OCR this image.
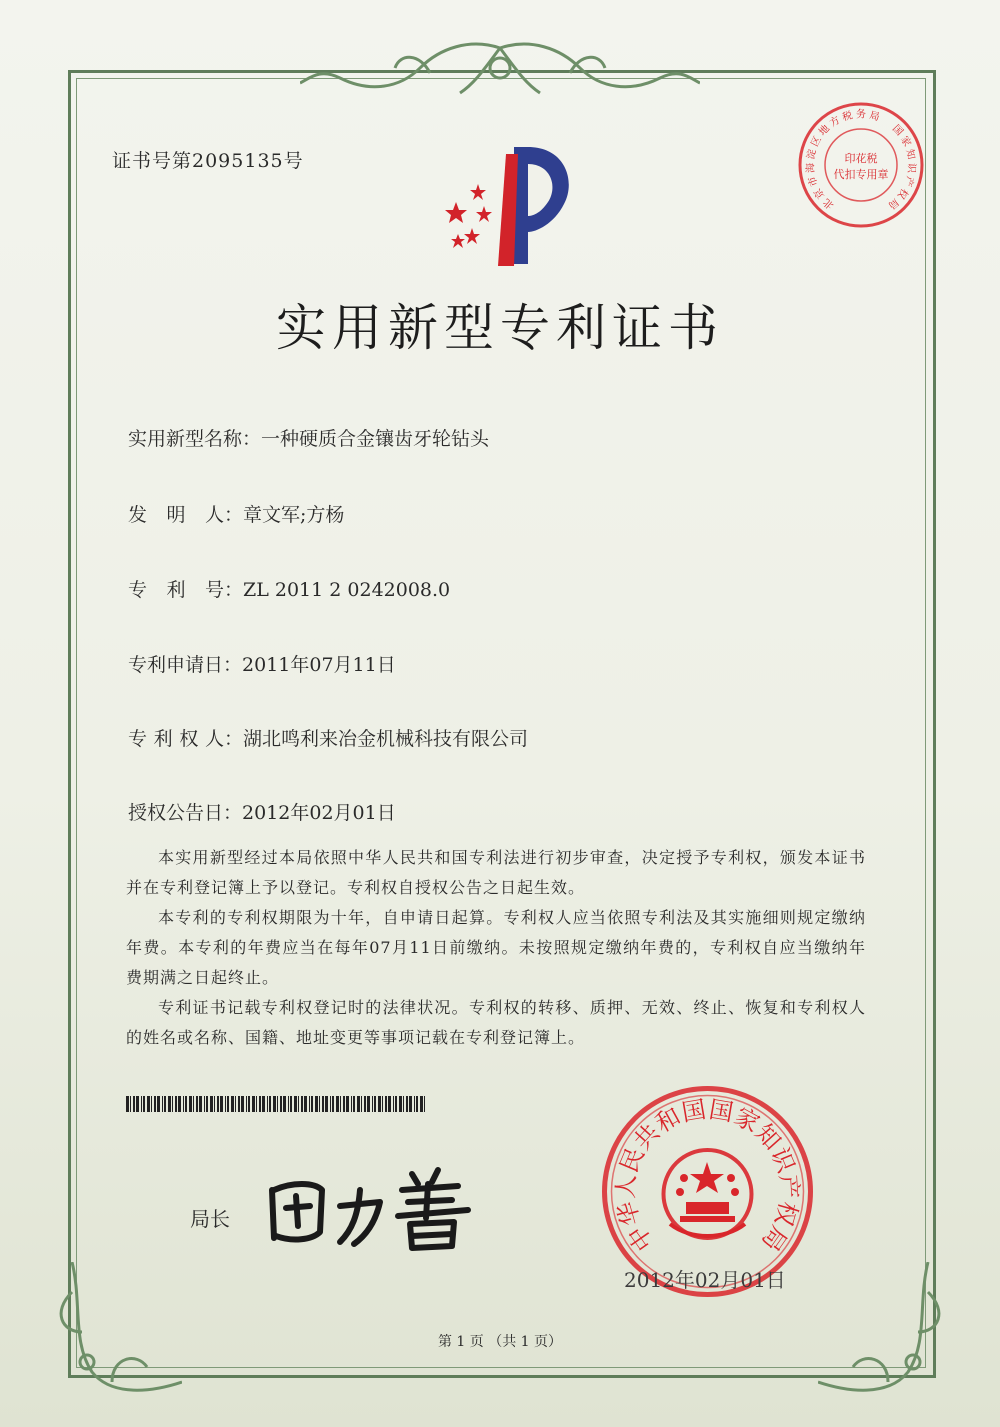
证书号第2095135号
实用新型专利证书
实用新型名称：一种硬质合金镶齿牙轮钻头
发 明 人 ：章文军;方杨
专 利 号 ：ZL 2011 2 0242008.0
专利申请日：2011年07月11日
专 利 权 人 ：湖北鸣利来冶金机械科技有限公司
授权公告日：2012年02月01日

本实用新型经过本局依照中华人民共和国专利法进行初步审查，决定授予专利权，颁发本证书并在专利登记簿上予以登记。专利权自授权公告之日起生效。

本专利的专利权期限为十年，自申请日起算。专利权人应当依照专利法及其实施细则规定缴纳年费。本专利的年费应当在每年07月11日前缴纳。未按照规定缴纳年费的，专利权自应当缴纳年费期满之日起终止。

专利证书记载专利权登记时的法律状况。专利权的转移、质押、无效、终止、恢复和专利权人的姓名或名称、国籍、地址变更等事项记载在专利登记簿上。

局长
中
华
人
民
共
和
国
国
家
知
识
产
权
局
2012年02月01日
北
京
市
海
淀
区
地
方 税 务 局
国
家
知
识
产
权
局
印花税
代扣专用章
第 1 页 （共 1 页）
